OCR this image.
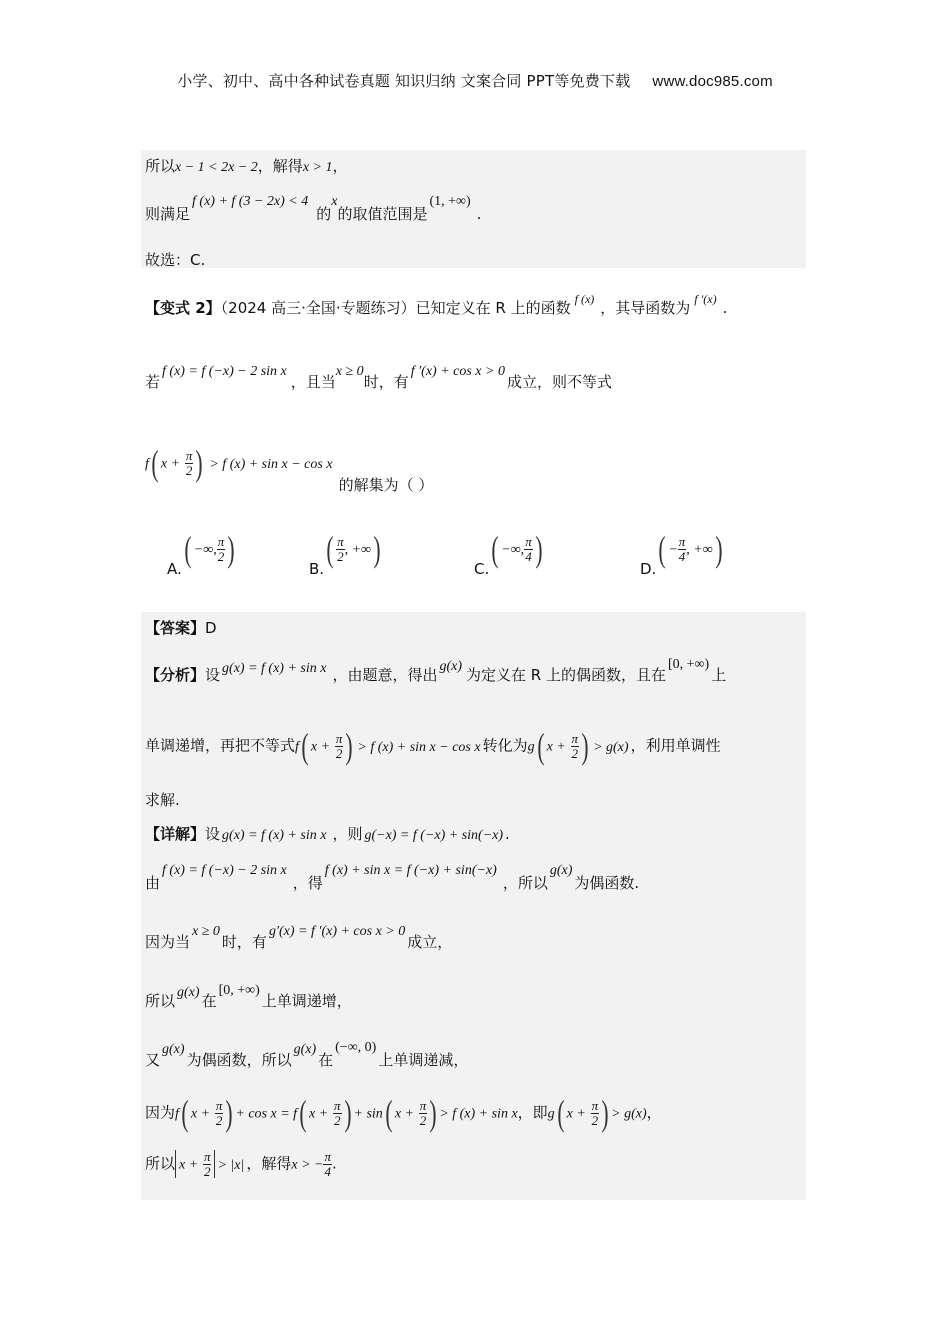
小学、初中、高中各种试卷真题 知识归纳 文案合同 PPT等免费下载 www.doc985.com
所以x − 1 < 2x − 2，解得x > 1，
则满足f (x) + f (3 − 2x) < 4的x的取值范围是(1, +∞).
故选：C.
【变式 2】（2024 高三·全国·专题练习）已知定义在 R 上的函数 $^{f (x)}$ ，其导函数为 $^{f '(x)}$ .
若f (x) = f (−x) − 2 sin x，且当x ≥ 0时，有f ′(x) + cos x > 0成立，则不等式
f( $x + \frac{\pi}{2}$ ) > f (x) + sin x − cos x的解集为（ ）
A.( −∞, $\frac{\pi}{2}$ )	$B.( \frac{\pi}{2}$ , +∞)	C.( −∞, $\frac{\pi}{4}$ )	$D.( - \frac{\pi}{4}$ , +∞)
【答案】D
【分析】设 g(x) = f (x) + sin x ，由题意，得出 g(x) 为定义在 R 上的偶函数，且在[0, +∞)上
单调递增，再把不等式f( $x + \frac{\pi}{2}$ ) > f (x) + sin x − cos x 转化为g( $x + \frac{\pi}{2}$ ) > g(x) ，利用单调性
求解.
【详解】设 g(x) = f (x) + sin x ，则 g(−x) = f (−x) + sin(−x) .
由f (x) = f (−x) − 2 sin x，得f (x) + sin x = f (−x) + sin(−x)，所以g(x)为偶函数.
因为当x ≥ 0时，有g′(x) = f ′(x) + cos x > 0成立，
所以 g(x) 在[0, +∞)上单调递增，
又g(x)为偶函数，所以g(x)在(−∞, 0)上单调递减，
因为f( $x + \frac{\pi}{2}$ ) + cos x = f( $x + \frac{\pi}{2}$ ) + sin( $x + \frac{\pi}{2}$ ) > f (x) + sin x，即g( $x + \frac{\pi}{2}$ ) > g(x)，
所以 $x + \frac{\pi}{2} > |x|$ ，解得x > − $\frac{\pi}{4}$ .
